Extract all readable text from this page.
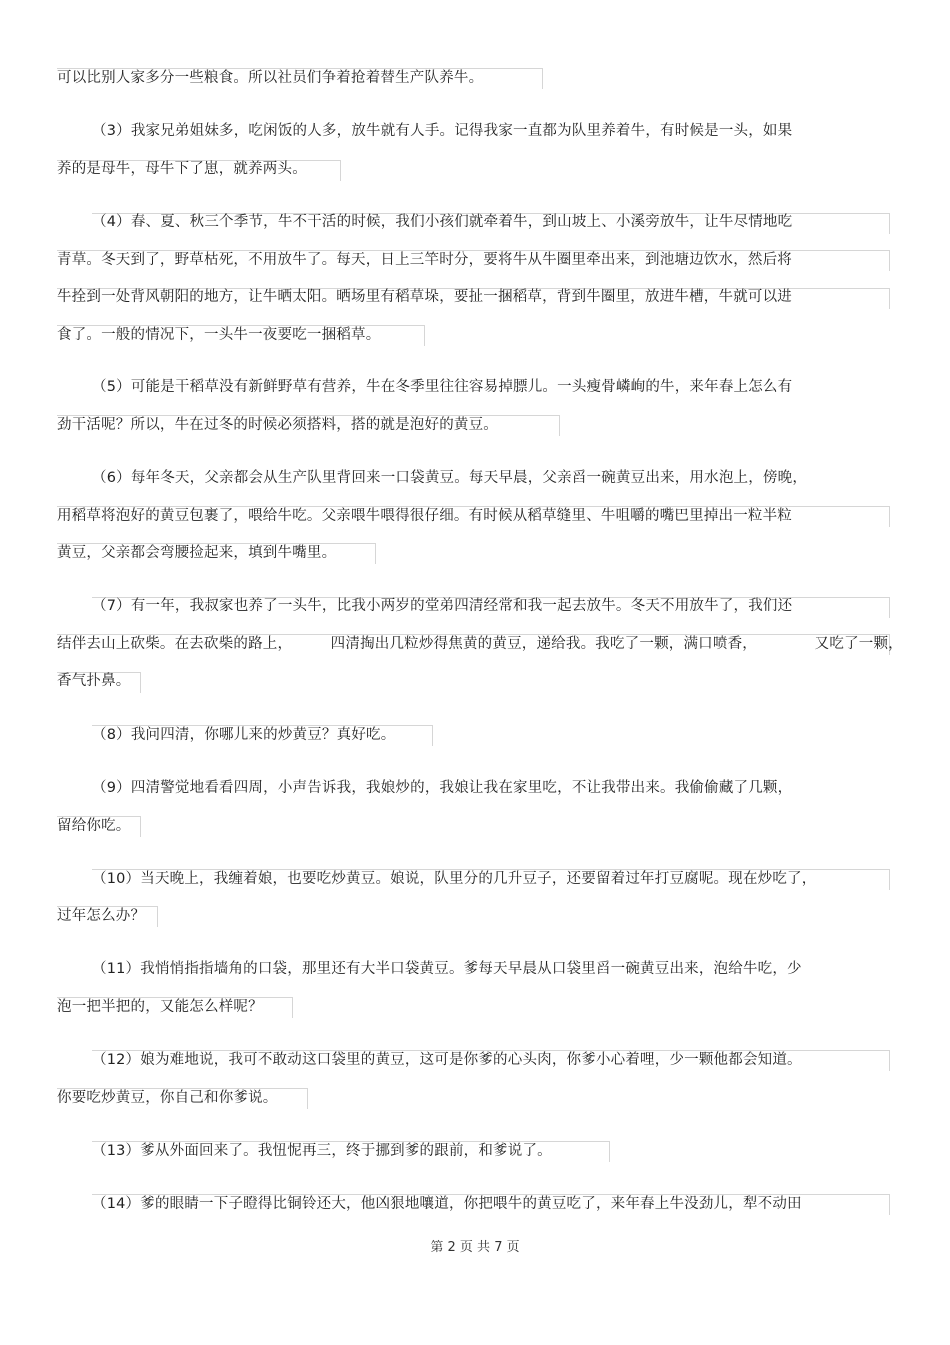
可以比别人家多分一些粮食。所以社员们争着抢着替生产队养牛。
（3）我家兄弟姐妹多，吃闲饭的人多，放牛就有人手。记得我家一直都为队里养着牛，有时候是一头，如果
养的是母牛，母牛下了崽，就养两头。
（4）春、夏、秋三个季节，牛不干活的时候，我们小孩们就牵着牛，到山坡上、小溪旁放牛，让牛尽情地吃
青草。冬天到了，野草枯死，不用放牛了。每天，日上三竿时分，要将牛从牛圈里牵出来，到池塘边饮水，然后将
牛拴到一处背风朝阳的地方，让牛晒太阳。晒场里有稻草垛，要扯一捆稻草，背到牛圈里，放进牛槽，牛就可以进
食了。一般的情况下，一头牛一夜要吃一捆稻草。
（5）可能是干稻草没有新鲜野草有营养，牛在冬季里往往容易掉膘儿。一头瘦骨嶙峋的牛，来年春上怎么有
劲干活呢？所以，牛在过冬的时候必须搭料，搭的就是泡好的黄豆。
（6）每年冬天，父亲都会从生产队里背回来一口袋黄豆。每天早晨，父亲舀一碗黄豆出来，用水泡上，傍晚，
用稻草将泡好的黄豆包裹了，喂给牛吃。父亲喂牛喂得很仔细。有时候从稻草缝里、牛咀嚼的嘴巴里掉出一粒半粒
黄豆，父亲都会弯腰捡起来，填到牛嘴里。
（7）有一年，我叔家也养了一头牛，比我小两岁的堂弟四清经常和我一起去放牛。冬天不用放牛了，我们还
结伴去山上砍柴。在去砍柴的路上，        四清掏出几粒炒得焦黄的黄豆，递给我。我吃了一颗，满口喷香，            又吃了一颗，
香气扑鼻。
（8）我问四清，你哪儿来的炒黄豆？真好吃。
（9）四清警觉地看看四周，小声告诉我，我娘炒的，我娘让我在家里吃，不让我带出来。我偷偷藏了几颗，
留给你吃。
（10）当天晚上，我缠着娘，也要吃炒黄豆。娘说，队里分的几升豆子，还要留着过年打豆腐呢。现在炒吃了，
过年怎么办？
（11）我悄悄指指墙角的口袋，那里还有大半口袋黄豆。爹每天早晨从口袋里舀一碗黄豆出来，泡给牛吃，少
泡一把半把的，又能怎么样呢？
（12）娘为难地说，我可不敢动这口袋里的黄豆，这可是你爹的心头肉，你爹小心着哩，少一颗他都会知道。
你要吃炒黄豆，你自己和你爹说。
（13）爹从外面回来了。我忸怩再三，终于挪到爹的跟前，和爹说了。
（14）爹的眼睛一下子瞪得比铜铃还大，他凶狠地嚷道，你把喂牛的黄豆吃了，来年春上牛没劲儿，犁不动田
第 2 页 共 7 页
